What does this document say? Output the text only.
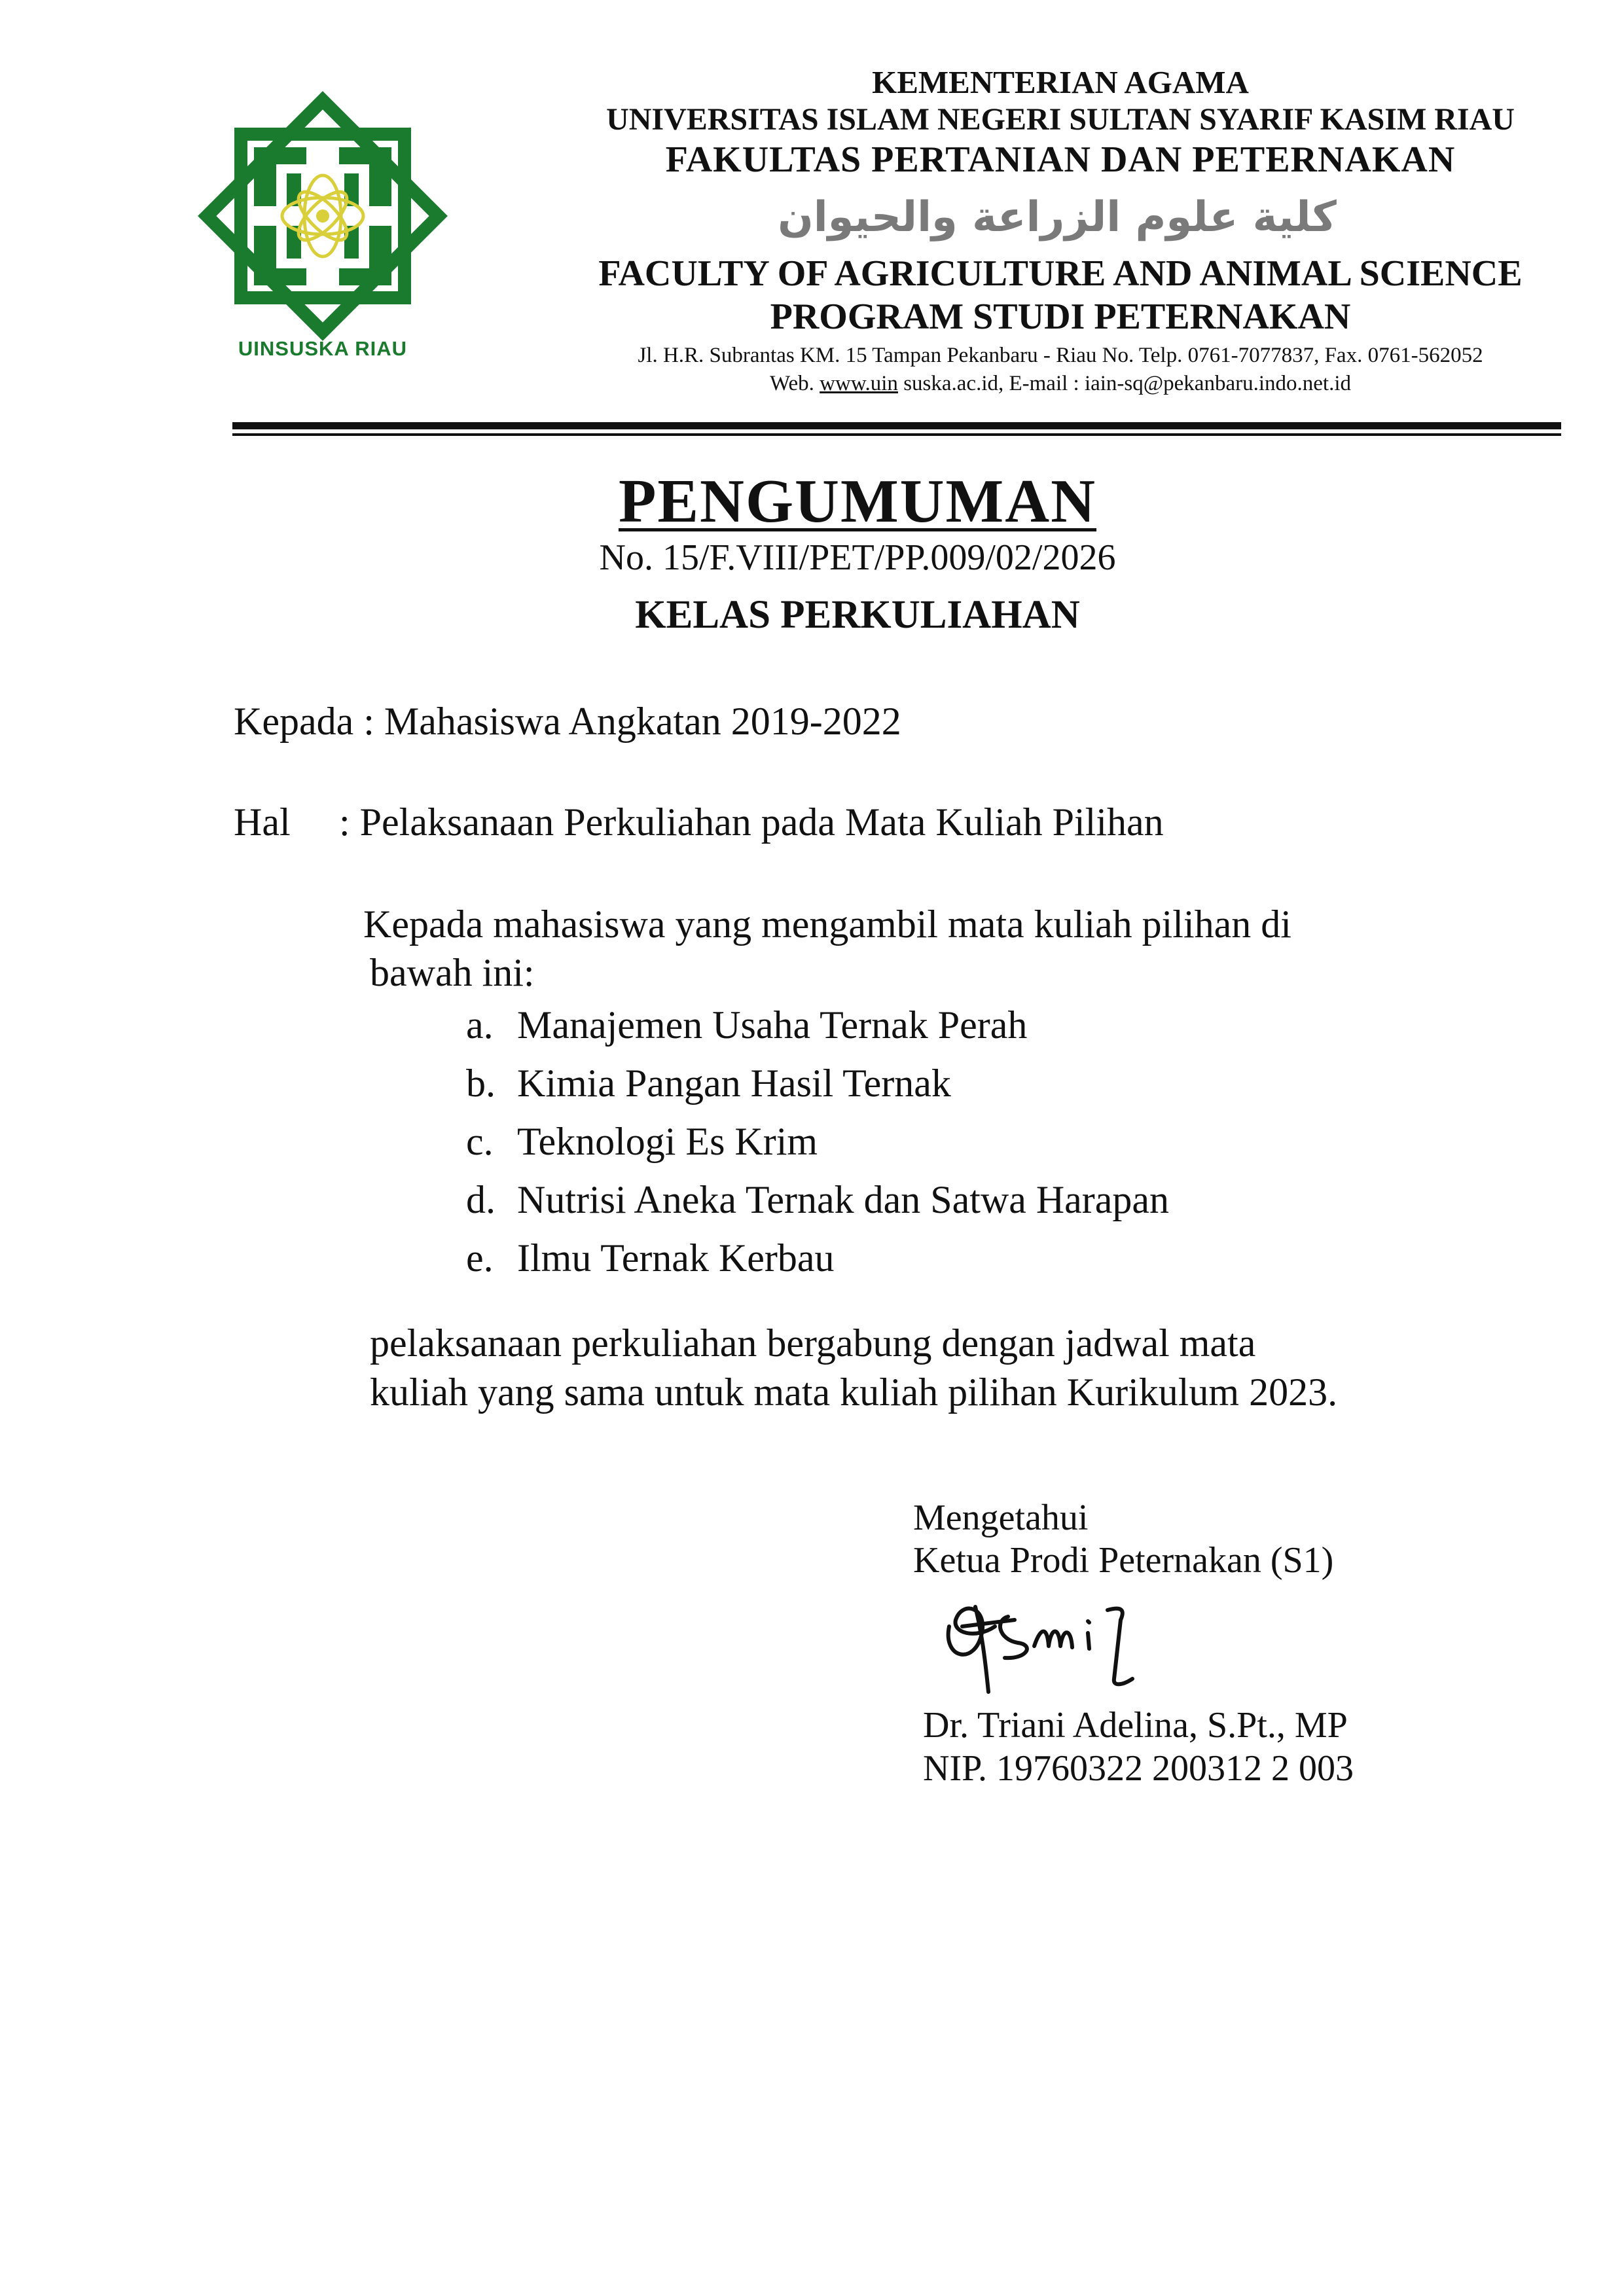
UINSUSKA RIAU
KEMENTERIAN AGAMA
UNIVERSITAS ISLAM NEGERI SULTAN SYARIF KASIM RIAU
FAKULTAS PERTANIAN DAN PETERNAKAN
كلية علوم الزراعة والحيوان
FACULTY OF AGRICULTURE AND ANIMAL SCIENCE
PROGRAM STUDI PETERNAKAN
Jl. H.R. Subrantas KM. 15 Tampan Pekanbaru - Riau No. Telp. 0761-7077837, Fax. 0761-562052
Web. www.uin suska.ac.id, E-mail : iain-sq@pekanbaru.indo.net.id
PENGUMUMAN
No. 15/F.VIII/PET/PP.009/02/2026
KELAS PERKULIAHAN
Kepada : Mahasiswa Angkatan 2019-2022
Hal : Pelaksanaan Perkuliahan pada Mata Kuliah Pilihan
Kepada mahasiswa yang mengambil mata kuliah pilihan di
bawah ini:
a. Manajemen Usaha Ternak Perah
b. Kimia Pangan Hasil Ternak
c. Teknologi Es Krim
d. Nutrisi Aneka Ternak dan Satwa Harapan
e. Ilmu Ternak Kerbau
pelaksanaan perkuliahan bergabung dengan jadwal mata
kuliah yang sama untuk mata kuliah pilihan Kurikulum 2023.
Mengetahui
Ketua Prodi Peternakan (S1)
Dr. Triani Adelina, S.Pt., MP
NIP. 19760322 200312 2 003
